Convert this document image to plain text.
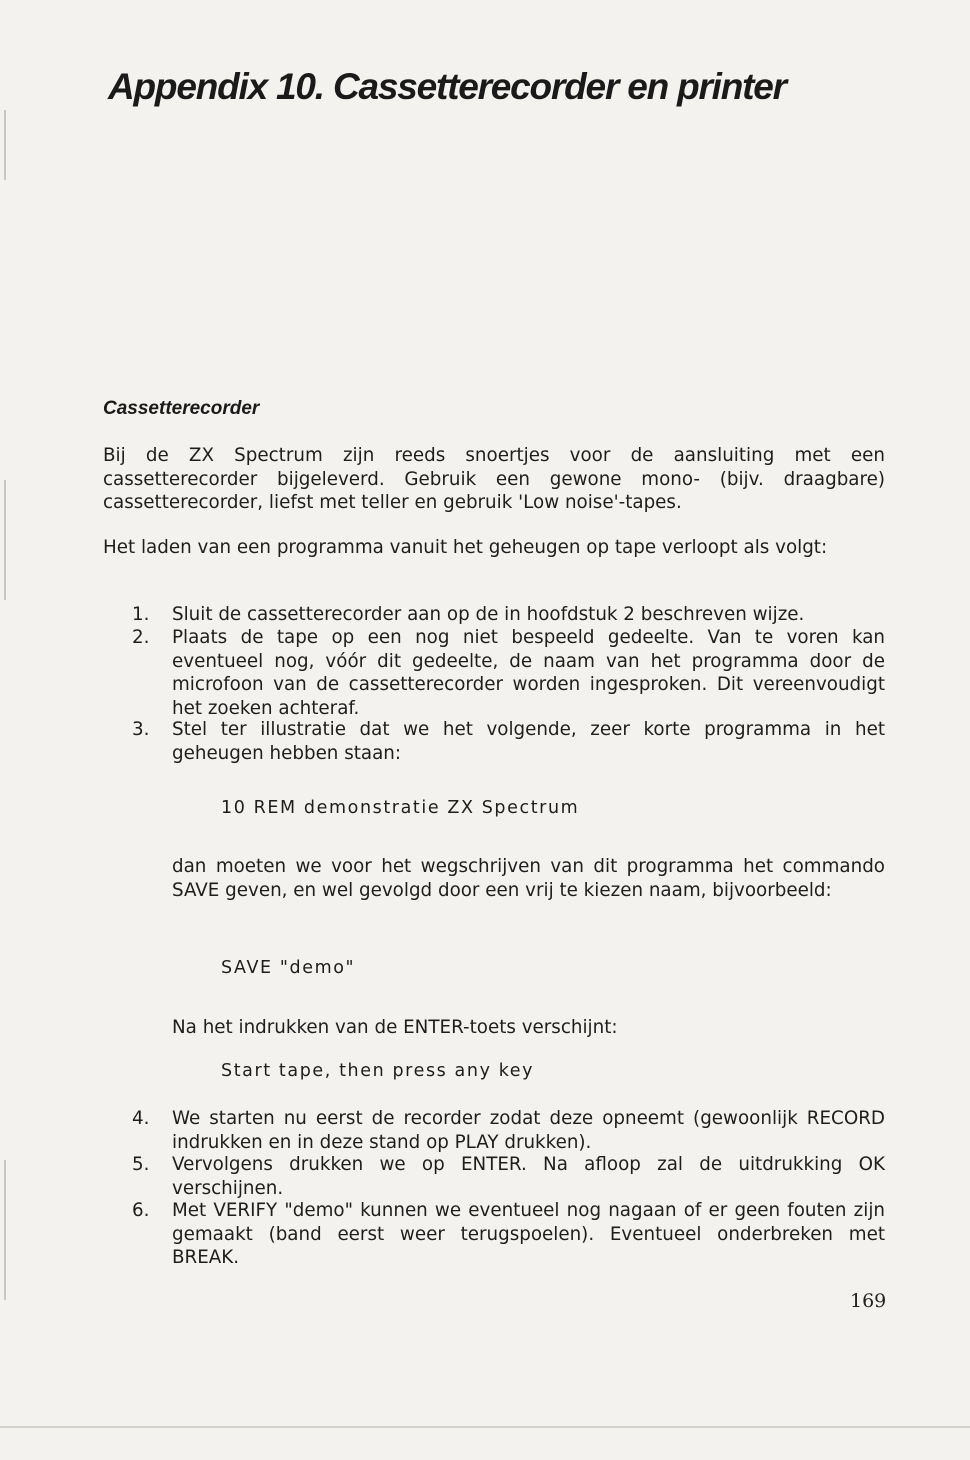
Appendix 10. Cassetterecorder en printer
Cassetterecorder

Bij de ZX Spectrum zijn reeds snoertjes voor de aansluiting met een cassetterecorder bijgeleverd. Gebruik een gewone mono- (bijv. draagbare) cassetterecorder, liefst met teller en gebruik 'Low noise'-tapes.

Het laden van een programma vanuit het geheugen op tape verloopt als volgt:

1.	Sluit de cassetterecorder aan op de in hoofdstuk 2 beschreven wijze.
2.	Plaats de tape op een nog niet bespeeld gedeelte. Van te voren kan eventueel nog, vóór dit gedeelte, de naam van het programma door de microfoon van de cassetterecorder worden ingesproken. Dit vereenvoudigt het zoeken achteraf.
3.	Stel ter illustratie dat we het volgende, zeer korte programma in het geheugen hebben staan:
10 REM demonstratie ZX Spectrum

dan moeten we voor het wegschrijven van dit programma het commando SAVE geven, en wel gevolgd door een vrij te kiezen naam, bijvoorbeeld:

SAVE "demo"

Na het indrukken van de ENTER-toets verschijnt:

Start tape, then press any key
4.	We starten nu eerst de recorder zodat deze opneemt (gewoonlijk RECORD indrukken en in deze stand op PLAY drukken).
5.	Vervolgens drukken we op ENTER. Na afloop zal de uitdrukking OK verschijnen.
6.	Met VERIFY "demo" kunnen we eventueel nog nagaan of er geen fouten zijn gemaakt (band eerst weer terugspoelen). Eventueel onderbreken met BREAK.
169
